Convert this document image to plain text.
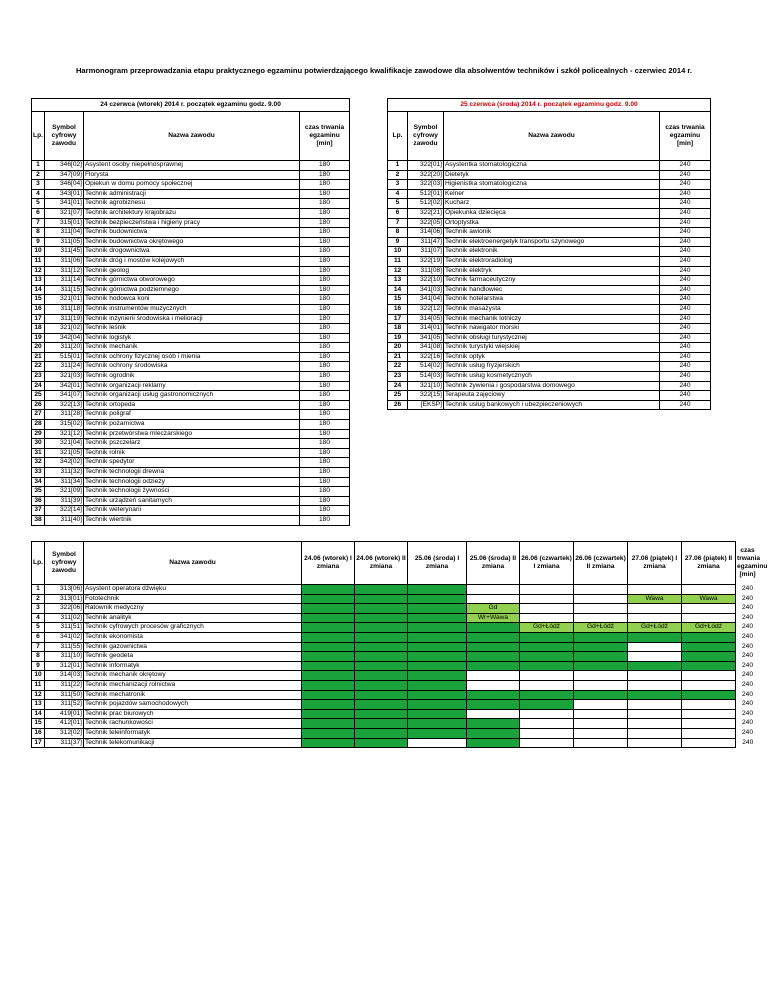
Harmonogram przeprowadzania etapu praktycznego egzaminu potwierdzającego kwalifikacje zawodowe dla absolwentów techników i szkół policealnych - czerwiec 2014 r.
24 czerwca (wtorek) 2014 r. początek egzaminu godz. 9.00			
Lp.	Symbol cyfrowy zawodu	Nazwa zawodu	czas trwania egzaminu [min]
1	346[02]	Asystent osoby niepełnosprawnej	180
2	347[09]	Florysta	180
3	346[04]	Opiekun w domu pomocy społecznej	180
4	343[01]	Technik administracji	180
5	341[01]	Technik agrobiznesu	180
6	321[07]	Technik architektury krajobrazu	180
7	315[01]	Technik bezpieczeństwa i higieny pracy	180
8	311[04]	Technik budownictwa	180
9	311[05]	Technik budownictwa okrętowego	180
10	311[45]	Technik drogownictwa	180
11	311[06]	Technik dróg i mostów kolejowych	180
12	311[12]	Technik geolog	180
13	311[14]	Technik górnictwa otworowego	180
14	311[15]	Technik górnictwa podziemnego	180
15	321[01]	Technik hodowca koni	180
16	311[18]	Technik instrumentów muzycznych	180
17	311[19]	Technik inżynierii środowiska i melioracji	180
18	321[02]	Technik leśnik	180
19	342[04]	Technik logistyk	180
20	311[20]	Technik mechanik	180
21	515[01]	Technik ochrony fizycznej osób i mienia	180
22	311[24]	Technik ochrony środowiska	180
23	321[03]	Technik ogrodnik	180
24	342[01]	Technik organizacji reklamy	180
25	341[07]	Technik organizacji usług gastronomicznych	180
26	322[13]	Technik ortopeda	180
27	311[28]	Technik poligraf	180
28	315[02]	Technik pożarnictwa	180
29	321[12]	Technik przetwórstwa mleczarskiego	180
30	321[04]	Technik pszczelarz	180
31	321[05]	Technik rolnik	180
32	342[02]	Technik spedytor	180
33	311[32]	Technik technologii drewna	180
34	311[34]	Technik technologii odzieży	180
35	321[09]	Technik technologii żywności	180
36	311[39]	Technik urządzeń sanitarnych	180
37	322[14]	Technik weterynarii	180
38	311[40]	Technik wiertnik	180
25 czerwca (środa) 2014 r. początek egzaminu godz. 9.00			
Lp.	Symbol cyfrowy zawodu	Nazwa zawodu	czas trwania egzaminu [min]
1	322[01]	Asystentka stomatologiczna	240
2	322[20]	Dietetyk	240
3	322[03]	Higienistka stomatologiczna	240
4	512[01]	Kelner	240
5	512[02]	Kucharz	240
6	322[21]	Opiekunka dziecięca	240
7	322[05]	Ortoptystka	240
8	314[06]	Technik awionik	240
9	311[47]	Technik elektroenergetyk transportu szynowego	240
10	311[07]	Technik elektronik	240
11	322[19]	Technik elektroradiolog	240
12	311[08]	Technik elektryk	240
13	322[10]	Technik farmaceutyczny	240
14	341[03]	Technik handlowiec	240
15	341[04]	Technik hotelarstwa	240
16	322[12]	Technik masażysta	240
17	314[05]	Technik mechanik lotniczy	240
18	314[01]	Technik nawigator morski	240
19	341[05]	Technik obsługi turystycznej	240
20	341[08]	Technik turystyki wiejskiej	240
21	322[16]	Technik optyk	240
22	514[02]	Technik usług fryzjerskich	240
23	514[03]	Technik usług kosmetycznych	240
24	321[10]	Technik żywienia i gospodarstwa domowego	240
25	322[15]	Terapeuta zajęciowy	240
26	[EKSP]	Technik usług bankowych i ubezpieczeniowych	240
Lp.	Symbol cyfrowy zawodu	Nazwa zawodu	24.06 (wtorek) I zmiana	24.06 (wtorek) II zmiana	25.06 (środa) I zmiana	25.06 (środa) II zmiana	26.06 (czwartek) I zmiana	26.06 (czwartek) II zmiana	27.06 (piątek) I zmiana	27.06 (piątek) II zmiana	czas trwania egzaminu [min]
1	313[06]	Asystent operatora dźwięku									240
2	313[01]	Fototechnik							Wawa	Wawa	240
3	322[06]	Ratownik medyczny				Gd					240
4	311[02]	Technik analityk				Wr+Wawa					240
5	311[51]	Technik cyfrowych procesów graficznych					Gd+Łódź	Gd+Łódź	Gd+Łódź	Gd+Łódź	240
6	341[02]	Technik ekonomista									240
7	311[55]	Technik gazownictwa									240
8	311[10]	Technik geodeta									240
9	312[01]	Technik informatyk									240
10	314[03]	Technik mechanik okrętowy									240
11	311[22]	Technik mechanizacji rolnictwa									240
12	311[50]	Technik mechatronik									240
13	311[52]	Technik pojazdów samochodowych									240
14	419[01]	Technik prac biurowych									240
15	412[01]	Technik rachunkowości									240
16	312[02]	Technik teleinformatyk									240
17	311[37]	Technik telekomunikacji									240
